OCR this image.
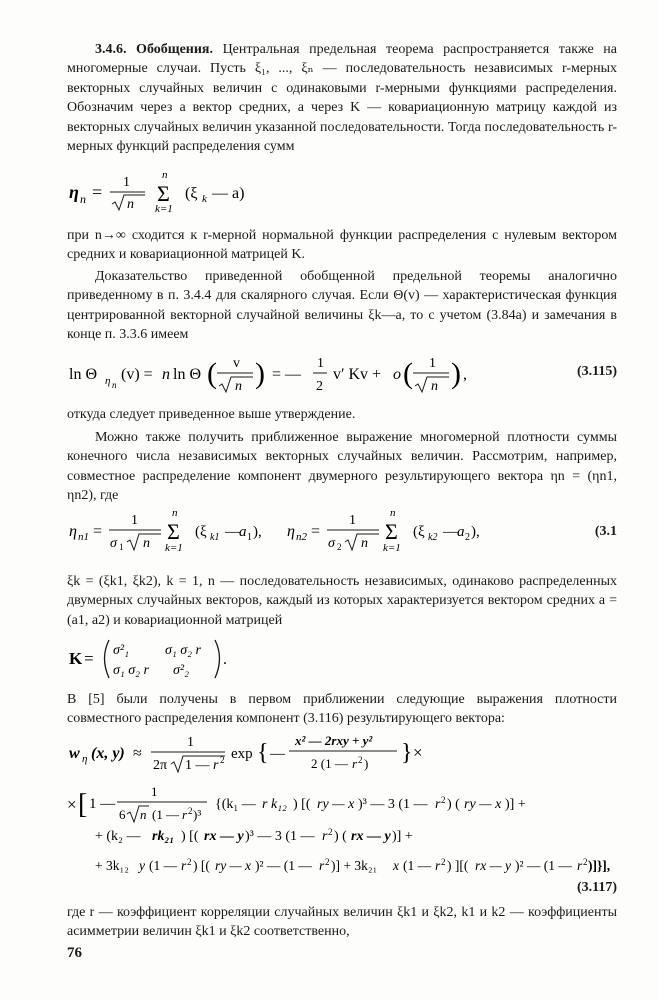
3.4.6. Обобщения. Центральная предельная теорема распространяется также на многомерные случаи. Пусть ξ₁, ..., ξₙ — последовательность независимых r-мерных векторных случайных величин с одинаковыми r-мерными функциями распределения. Обозначим через a вектор средних, а через K — ковариационную матрицу каждой из векторных случайных величин указанной последовательности. Тогда последовательность r-мерных функций распределения сумм

η n = 1
n
n
Σ
k=1
(ξ k — a)

при n→∞ сходится к r-мерной нормальной функции распределения с нулевым вектором средних и ковариационной матрицей K.

Доказательство приведенной обобщенной предельной теоремы аналогично приведенному в п. 3.4.4 для скалярного случая. Если Θ(v) — характеристическая функция центрированной векторной случайной величины ξk—a, то с учетом (3.84a) и замечания в конце п. 3.3.6 имеем

ln Θ η n
(v) = n ln Θ ( v
n ) = —
1
2
v′ Kv + o ( 1
n ) ,	(3.115)

откуда следует приведенное выше утверждение.

Можно также получить приближенное выражение многомерной плотности суммы конечного числа независимых векторных случайных величин. Рассмотрим, например, совместное распределение компонент двумерного результирующего вектора ηn = (ηn1, ηn2), где

η n1 =
1
σ 1 n
n
Σ
k=1
(ξ k1 — a 1 ), η n2 =
1
σ 2 n
n
Σ
k=1
(ξ k2 — a 2 ),	(3.1

ξk = (ξk1, ξk2), k = 1, n — последовательность независимых, одинаково распределенных двумерных случайных векторов, каждый из которых характеризуется вектором средних a = (a1, a2) и ковариационной матрицей

K = σ²₁	σ₁ σ₂ r
σ₁ σ₂ r σ²₂
.

В [5] были получены в первом приближении следующие выражения плотности совместного распределения компонент (3.116) результирующего вектора:

w η (x, y) ≈
1
2π 1 — r 2 exp { —
x² — 2rxy + y²
2 (1 — r 2 ) } ×
× [ 1 —
1
6 n (1 — r 2 )³
{(k₁ — r k₁₂ ) [( ry — x )³ — 3 (1 — r 2 ) ( ry — x )] +
+ (k₂ — rk₂₁ ) [( rx — y )³ — 3 (1 — r 2 ) ( rx — y )] +
+ 3k₁₂ y (1 — r 2 ) [( ry — x )² — (1 — r 2 )] + 3k₂₁ x (1 — r 2 ) ][( rx — y )² — (1 — r 2 )]}],
(3.117)

где r — коэффициент корреляции случайных величин ξk1 и ξk2, k1 и k2 — коэффициенты асимметрии величин ξk1 и ξk2 соответственно,

76
